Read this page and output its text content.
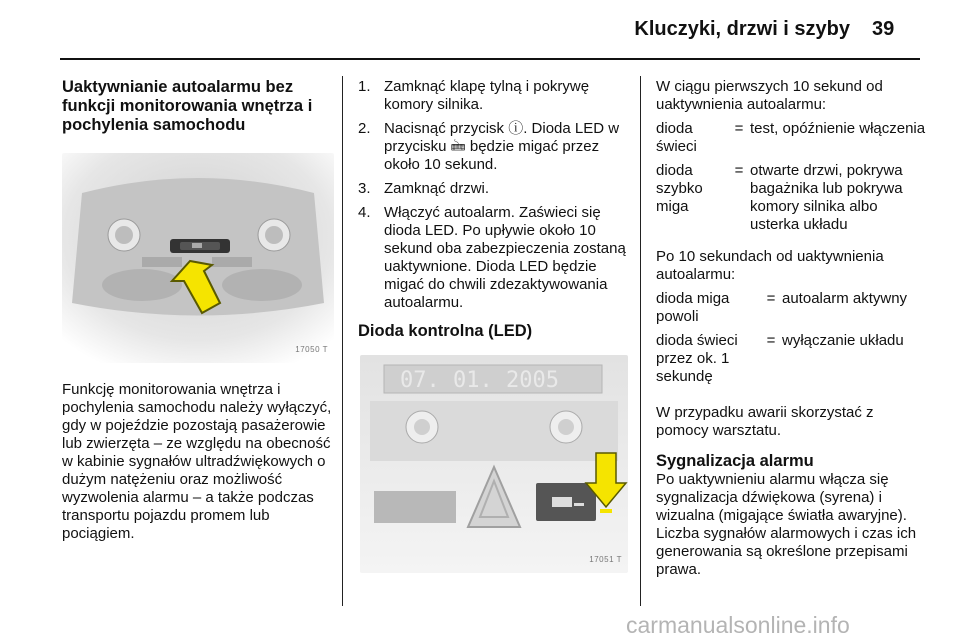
Kluczyki, drzwi i szyby 39
Uaktywnianie autoalarmu bez funkcji monitorowania wnętrza i pochylenia samochodu
17050 T
Funkcję monitorowania wnętrza i pochylenia samochodu należy wyłączyć, gdy w pojeździe pozostają pasażerowie lub zwierzęta – ze względu na obecność w kabinie sygnałów ultradźwiękowych o dużym natężeniu oraz możliwość wyzwolenia alarmu – a także podczas transportu pojazdu promem lub pociągiem.
1. Zamknąć klapę tylną i pokrywę komory silnika.
2. Nacisnąć przycisk ⓘ. Dioda LED w przycisku 🖮 będzie migać przez około 10 sekund.
3. Zamknąć drzwi.
4. Włączyć autoalarm. Zaświeci się dioda LED. Po upływie około 10 sekund oba zabezpieczenia zostaną uaktywnione. Dioda LED będzie migać do chwili zdezaktywowania autoalarmu.
Dioda kontrolna (LED)
07. 01. 2005
17051 T
W ciągu pierwszych 10 sekund od uaktywnienia autoalarmu:
dioda świeci	=	test, opóźnienie włączenia
dioda szybko miga	=	otwarte drzwi, pokrywa bagażnika lub pokrywa komory silnika albo usterka układu
Po 10 sekundach od uaktywnienia autoalarmu:
dioda miga powoli	=	autoalarm aktywny
dioda świeci przez ok. 1 sekundę	=	wyłączanie układu
W przypadku awarii skorzystać z pomocy warsztatu.
Sygnalizacja alarmu
Po uaktywnieniu alarmu włącza się sygnalizacja dźwiękowa (syrena) i wizualna (migające światła awaryjne). Liczba sygnałów alarmowych i czas ich generowania są określone przepisami prawa.
carmanualsonline.info
